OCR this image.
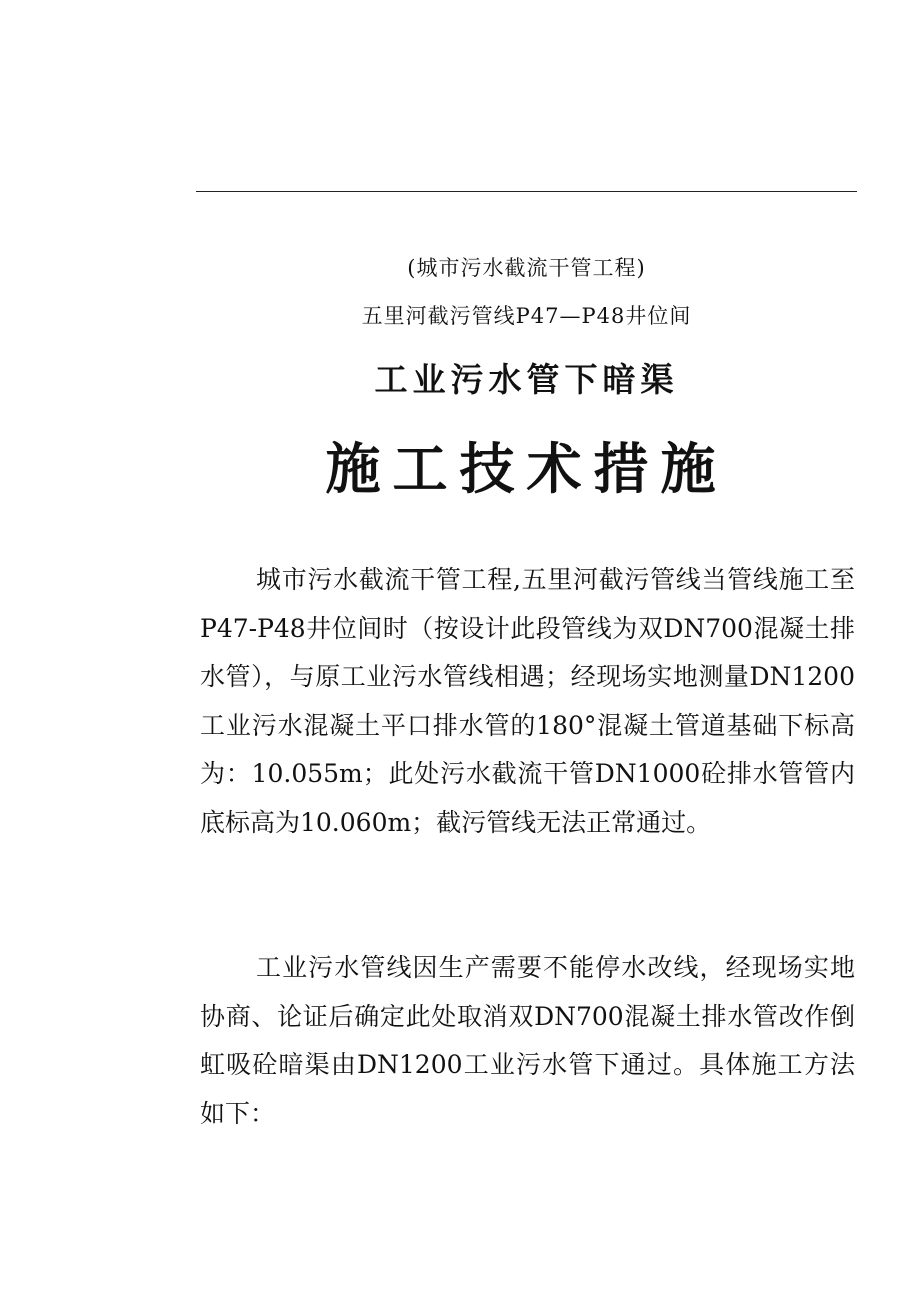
(城市污水截流干管工程)
五里河截污管线P47—P48井位间
工业污水管下暗渠
施工技术措施

城市污水截流干管工程,五里河截污管线当管线施工至P47-P48井位间时（按设计此段管线为双DN700混凝土排水管），与原工业污水管线相遇；经现场实地测量DN1200工业污水混凝土平口排水管的180°混凝土管道基础下标高为：10.055m；此处污水截流干管DN1000砼排水管管内底标高为10.060m；截污管线无法正常通过。

工业污水管线因生产需要不能停水改线，经现场实地协商、论证后确定此处取消双DN700混凝土排水管改作倒虹吸砼暗渠由DN1200工业污水管下通过。具体施工方法如下：
